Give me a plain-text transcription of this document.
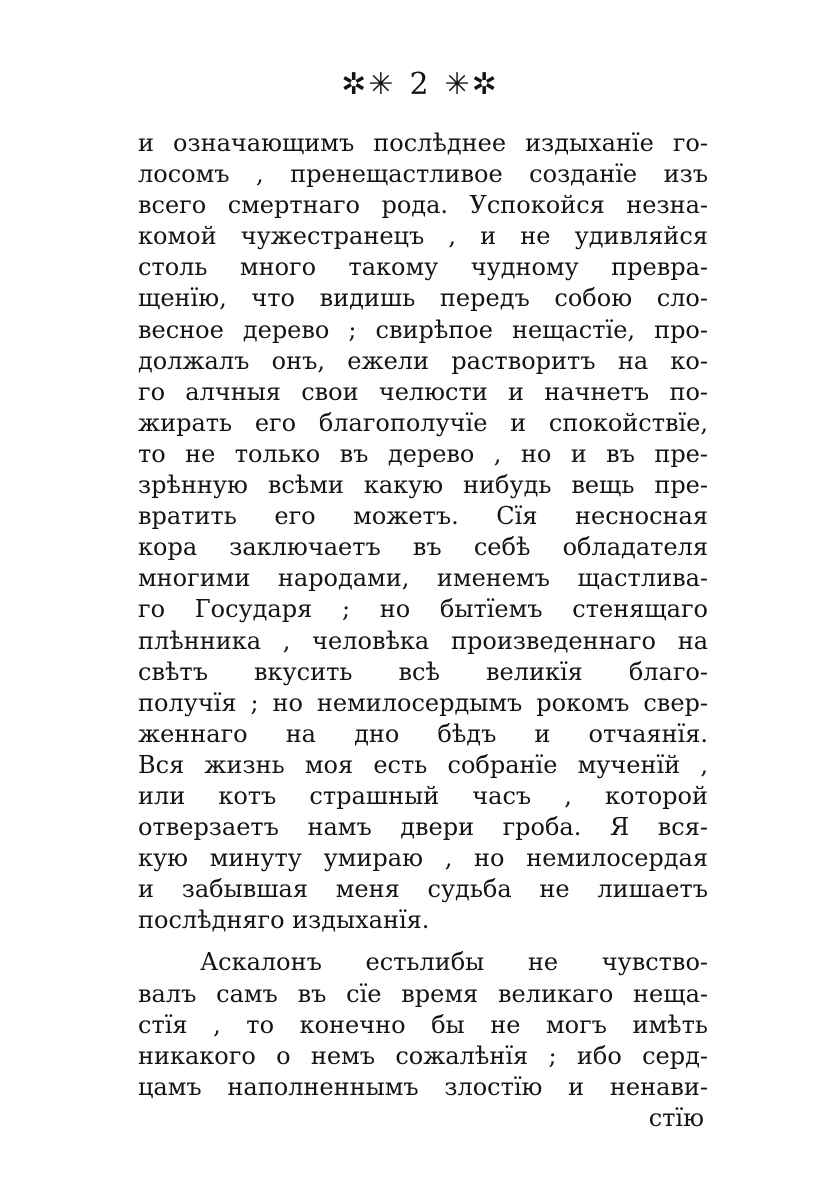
✲✳ 2 ✳✲
и означающимъ послѣднее издыханїе го-
лосомъ , пренещастливое созданїе изъ
всего смертнаго рода. Успокойся незна-
комой чужестранецъ , и не удивляйся
столь много такому чудному превра-
щенїю, что видишь передъ собою сло-
весное дерево ; свирѣпое нещастїе, про-
должалъ онъ, ежели растворитъ на ко-
го алчныя свои челюсти и начнетъ по-
жирать его благополучїе и спокойствїе,
то не только въ дерево , но и въ пре-
зрѣнную всѣми какую нибудь вещь пре-
вратить его можетъ. Сїя несносная
кора заключаетъ въ себѣ обладателя
многими народами, именемъ щастлива-
го Государя ; но бытїемъ стенящаго
плѣнника , человѣка произведеннаго на
свѣтъ вкусить всѣ великїя благо-
получїя ; но немилосердымъ рокомъ свер-
женнаго на дно бѣдъ и отчаянїя.
Вся жизнь моя есть собранїе мученїй ,
или котъ страшный часъ , которой
отверзаетъ намъ двери гроба. Я вся-
кую минуту умираю , но немилосердая
и забывшая меня судьба не лишаетъ
послѣдняго издыханїя.
Аскалонъ естьлибы не чувство-
валъ самъ въ сїе время великаго нещa-
стїя , то конечно бы не могъ имѣть
никакого о немъ сожалѣнїя ; ибо серд-
цамъ наполненнымъ злостїю и ненави-
стїю
